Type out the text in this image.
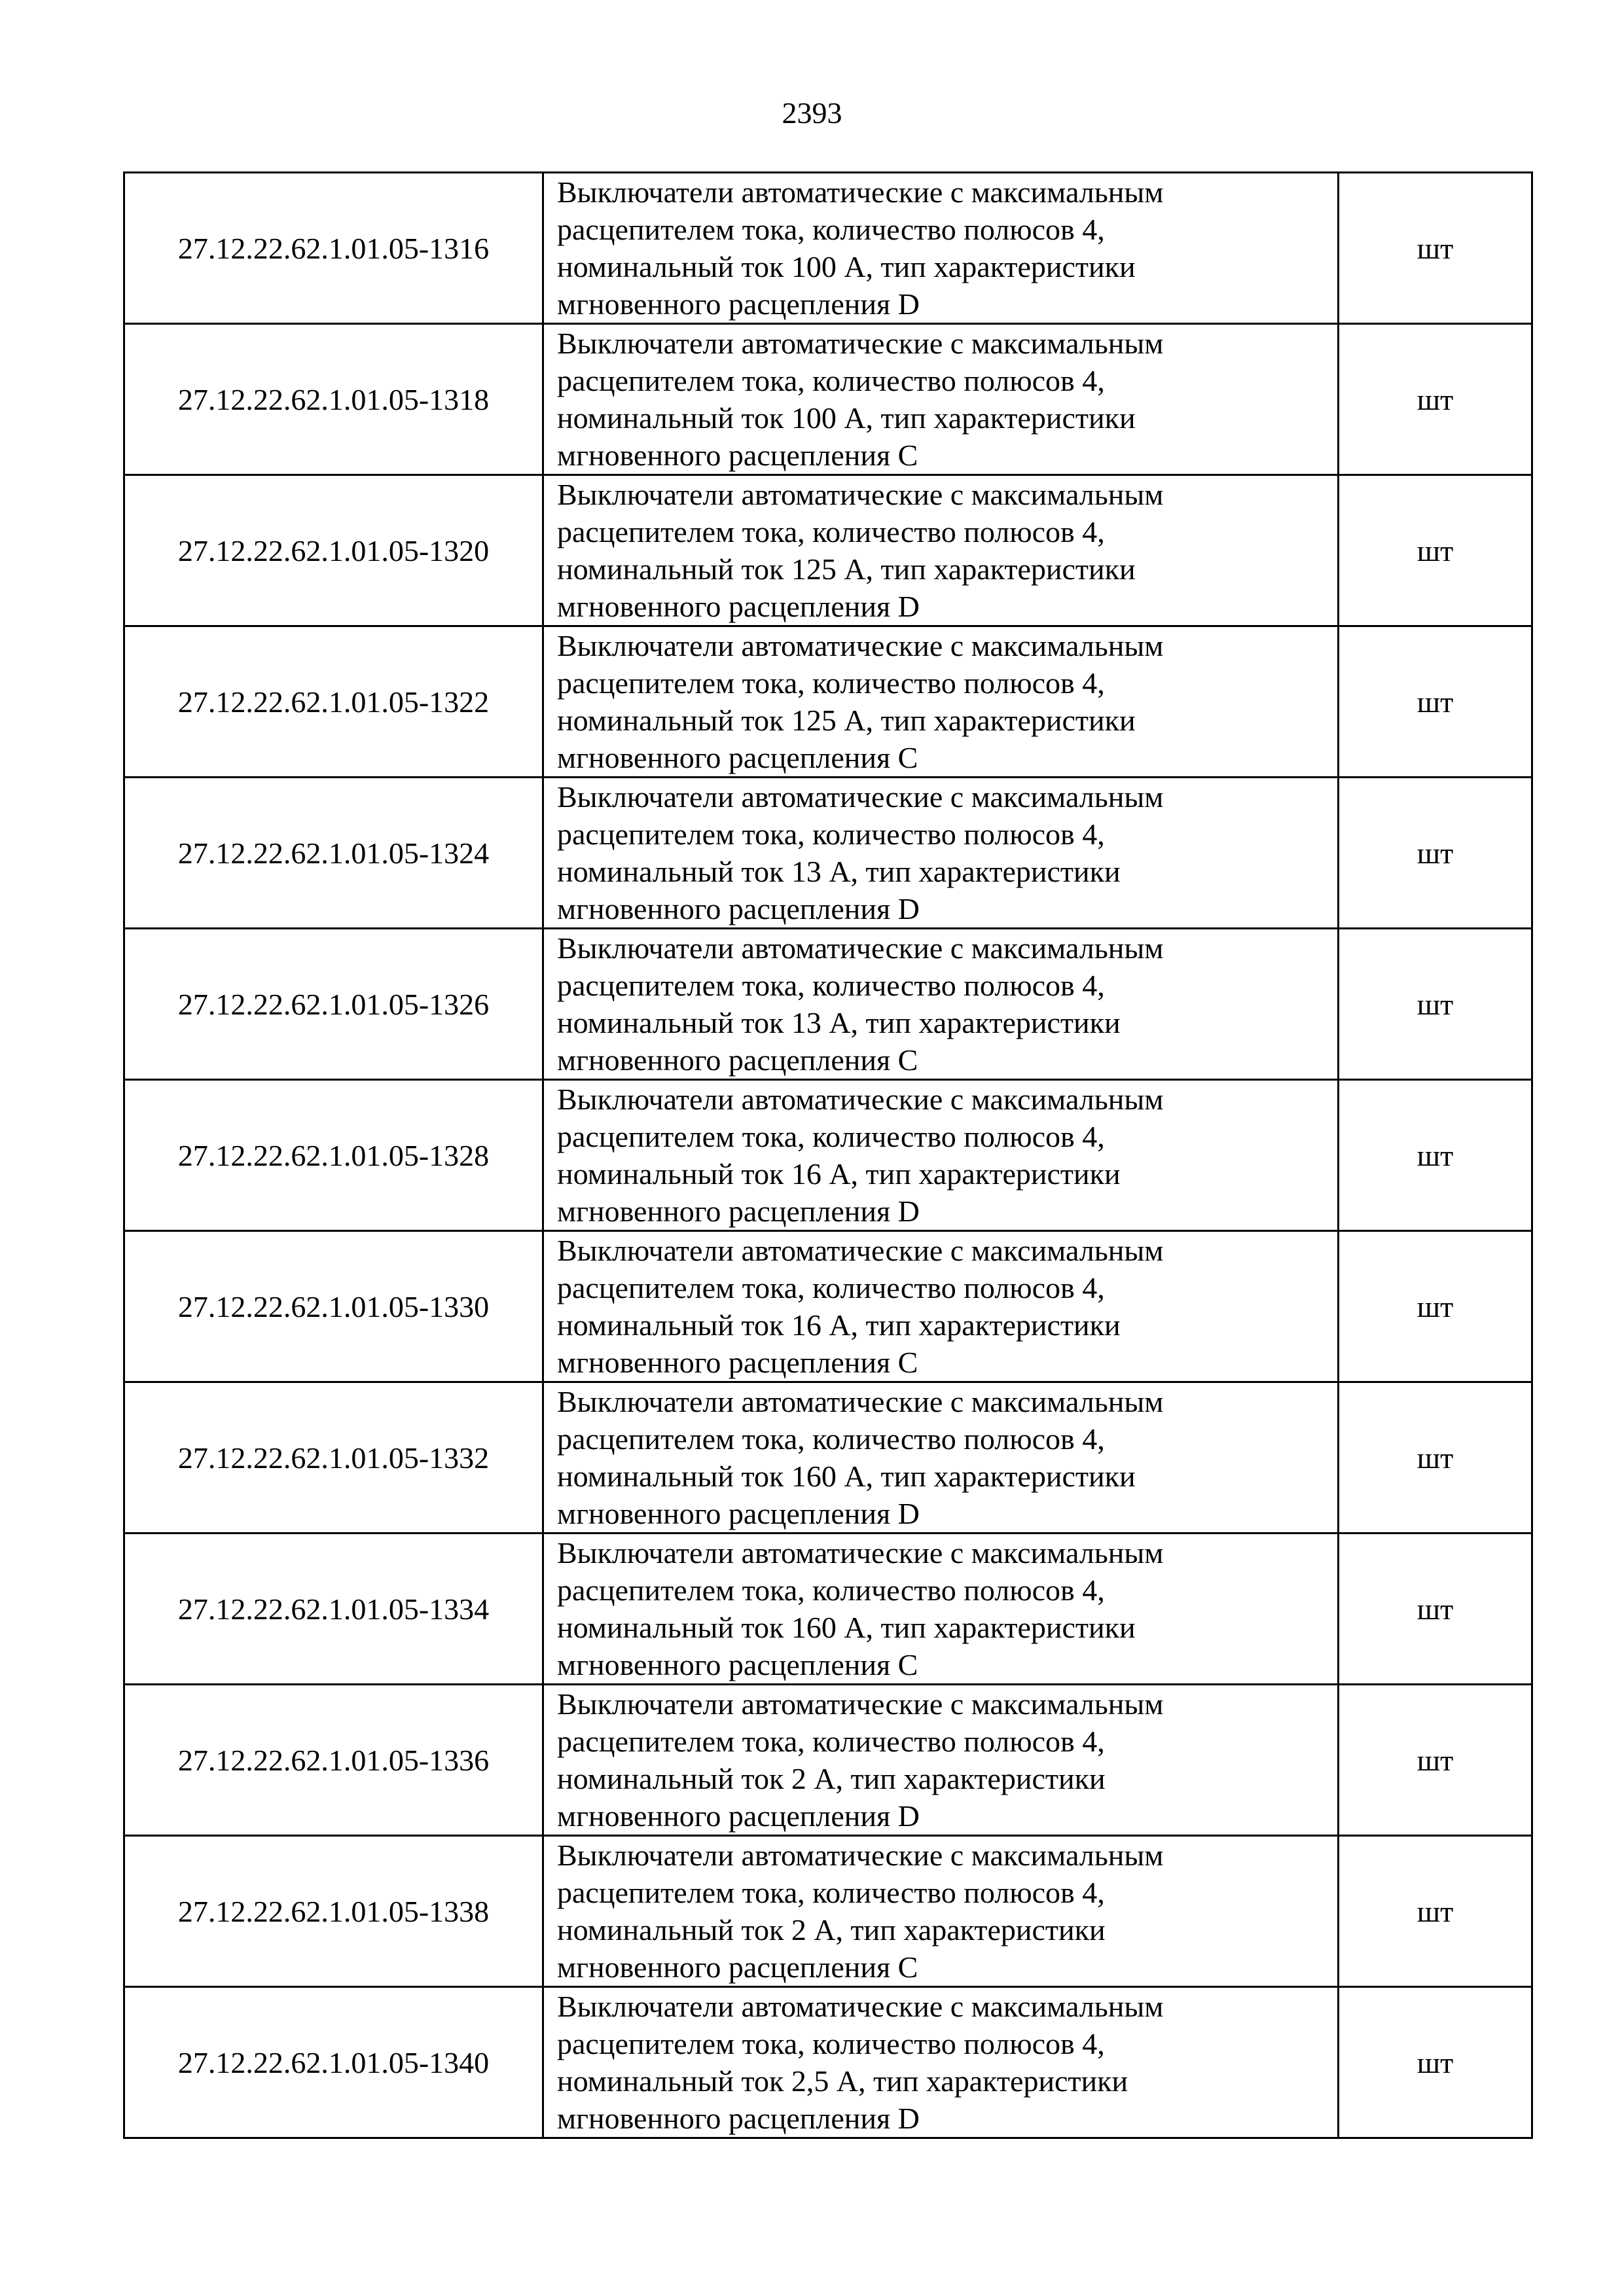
2393
27.12.22.62.1.01.05-1316	Выключатели автоматические с максимальным
расцепителем тока, количество полюсов 4,
номинальный ток 100 А, тип характеристики
мгновенного расцепления D	шт
27.12.22.62.1.01.05-1318	Выключатели автоматические с максимальным
расцепителем тока, количество полюсов 4,
номинальный ток 100 А, тип характеристики
мгновенного расцепления С	шт
27.12.22.62.1.01.05-1320	Выключатели автоматические с максимальным
расцепителем тока, количество полюсов 4,
номинальный ток 125 А, тип характеристики
мгновенного расцепления D	шт
27.12.22.62.1.01.05-1322	Выключатели автоматические с максимальным
расцепителем тока, количество полюсов 4,
номинальный ток 125 А, тип характеристики
мгновенного расцепления С	шт
27.12.22.62.1.01.05-1324	Выключатели автоматические с максимальным
расцепителем тока, количество полюсов 4,
номинальный ток 13 А, тип характеристики
мгновенного расцепления D	шт
27.12.22.62.1.01.05-1326	Выключатели автоматические с максимальным
расцепителем тока, количество полюсов 4,
номинальный ток 13 А, тип характеристики
мгновенного расцепления С	шт
27.12.22.62.1.01.05-1328	Выключатели автоматические с максимальным
расцепителем тока, количество полюсов 4,
номинальный ток 16 А, тип характеристики
мгновенного расцепления D	шт
27.12.22.62.1.01.05-1330	Выключатели автоматические с максимальным
расцепителем тока, количество полюсов 4,
номинальный ток 16 А, тип характеристики
мгновенного расцепления С	шт
27.12.22.62.1.01.05-1332	Выключатели автоматические с максимальным
расцепителем тока, количество полюсов 4,
номинальный ток 160 А, тип характеристики
мгновенного расцепления D	шт
27.12.22.62.1.01.05-1334	Выключатели автоматические с максимальным
расцепителем тока, количество полюсов 4,
номинальный ток 160 А, тип характеристики
мгновенного расцепления С	шт
27.12.22.62.1.01.05-1336	Выключатели автоматические с максимальным
расцепителем тока, количество полюсов 4,
номинальный ток 2 А, тип характеристики
мгновенного расцепления D	шт
27.12.22.62.1.01.05-1338	Выключатели автоматические с максимальным
расцепителем тока, количество полюсов 4,
номинальный ток 2 А, тип характеристики
мгновенного расцепления С	шт
27.12.22.62.1.01.05-1340	Выключатели автоматические с максимальным
расцепителем тока, количество полюсов 4,
номинальный ток 2,5 А, тип характеристики
мгновенного расцепления D	шт
